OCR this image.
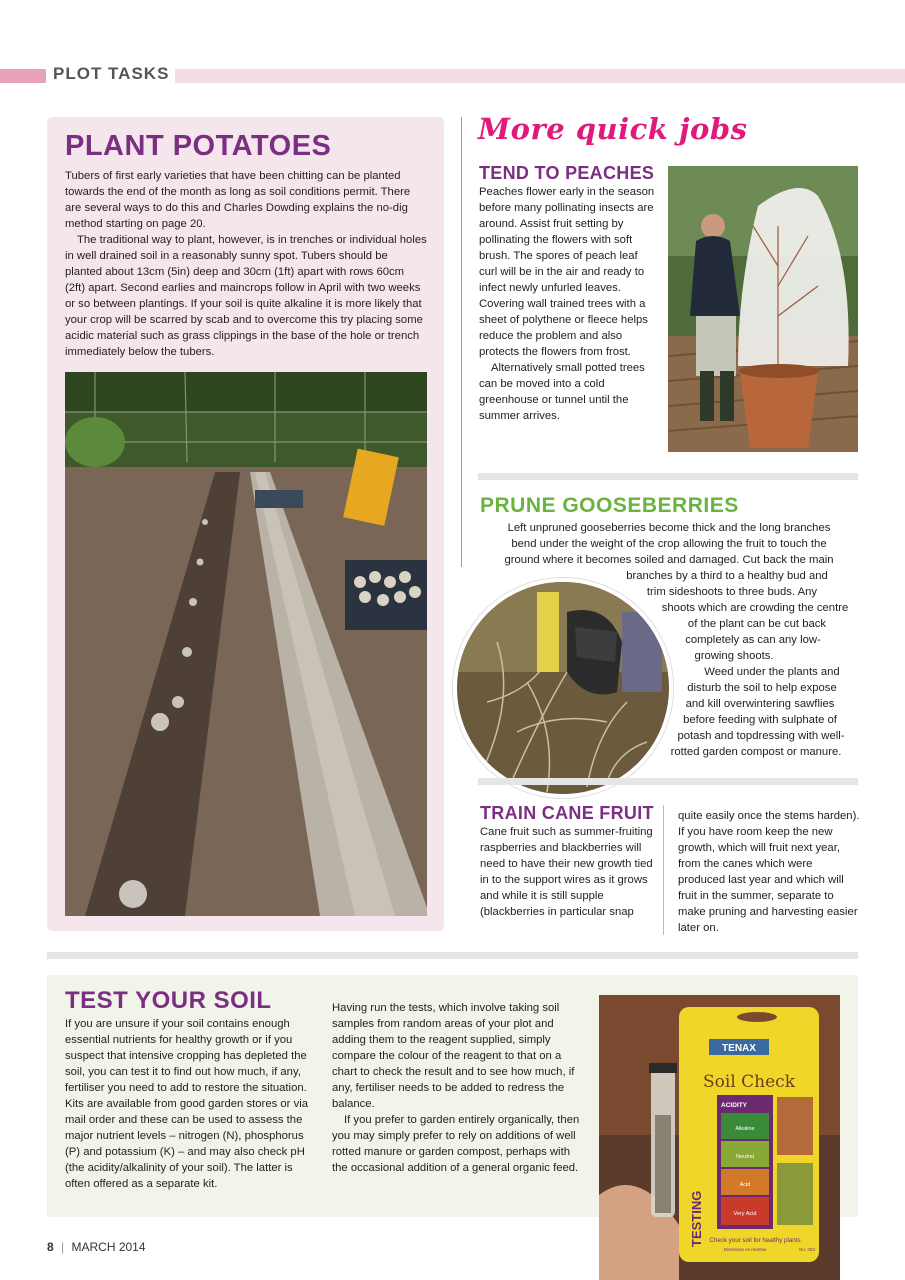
PLOT TASKS
PLANT POTATOES

Tubers of first early varieties that have been chitting can be planted towards the end of the month as long as soil conditions permit. There are several ways to do this and Charles Dowding explains the no-dig method starting on page 20.

The traditional way to plant, however, is in trenches or individual holes in well drained soil in a reasonably sunny spot. Tubers should be planted about 13cm (5in) deep and 30cm (1ft) apart with rows 60cm (2ft) apart. Second earlies and maincrops follow in April with two weeks or so between plantings. If your soil is quite alkaline it is more likely that your crop will be scarred by scab and to overcome this try placing some acidic material such as grass clippings in the base of the hole or trench immediately below the tubers.

More quick jobs
TEND TO PEACHES

Peaches flower early in the season before many pollinating insects are around. Assist fruit setting by pollinating the flowers with soft brush. The spores of peach leaf curl will be in the air and ready to infect newly unfurled leaves. Covering wall trained trees with a sheet of polythene or fleece helps reduce the problem and also protects the flowers from frost.

Alternatively small potted trees can be moved into a cold greenhouse or tunnel until the summer arrives.

PRUNE GOOSEBERRIES
Left unpruned gooseberries become thick and the long branches
bend under the weight of the crop allowing the fruit to touch the
ground where it becomes soiled and damaged. Cut back the main
branches by a third to a healthy bud and
trim sideshoots to three buds. Any
shoots which are crowding the centre
of the plant can be cut back
completely as can any low-
growing shoots.
Weed under the plants and
disturb the soil to help expose
and kill overwintering sawflies
before feeding with sulphate of
potash and topdressing with well-
rotted garden compost or manure.
TRAIN CANE FRUIT
Cane fruit such as summer-fruiting raspberries and blackberries will need to have their new growth tied in to the support wires as it grows and while it is still supple (blackberries in particular snap
quite easily once the stems harden). If you have room keep the new growth, which will fruit next year, from the canes which were produced last year and which will fruit in the summer, separate to make pruning and harvesting easier later on.
TEST YOUR SOIL
If you are unsure if your soil contains enough essential nutrients for healthy growth or if you suspect that intensive cropping has depleted the soil, you can test it to find out how much, if any, fertiliser you need to add to restore the situation. Kits are available from good garden stores or via mail order and these can be used to assess the major nutrient levels – nitrogen (N), phosphorus (P) and potassium (K) – and may also check pH (the acidity/alkalinity of your soil). The latter is often offered as a separate kit.

Having run the tests, which involve taking soil samples from random areas of your plot and adding them to the reagent supplied, simply compare the colour of the reagent to that on a chart to check the result and to see how much, if any, fertiliser needs to be added to redress the balance.

If you prefer to garden entirely organically, then you may simply prefer to rely on additions of well rotted manure or garden compost, perhaps with the occasional addition of a general organic feed.

TENAX
Soil Check
ACIDITY
Alkaline
Neutral
Acid
Very Acid
TESTING Check your soil for healthy plants
Directions on reverse	No. 303
8 | MARCH 2014
